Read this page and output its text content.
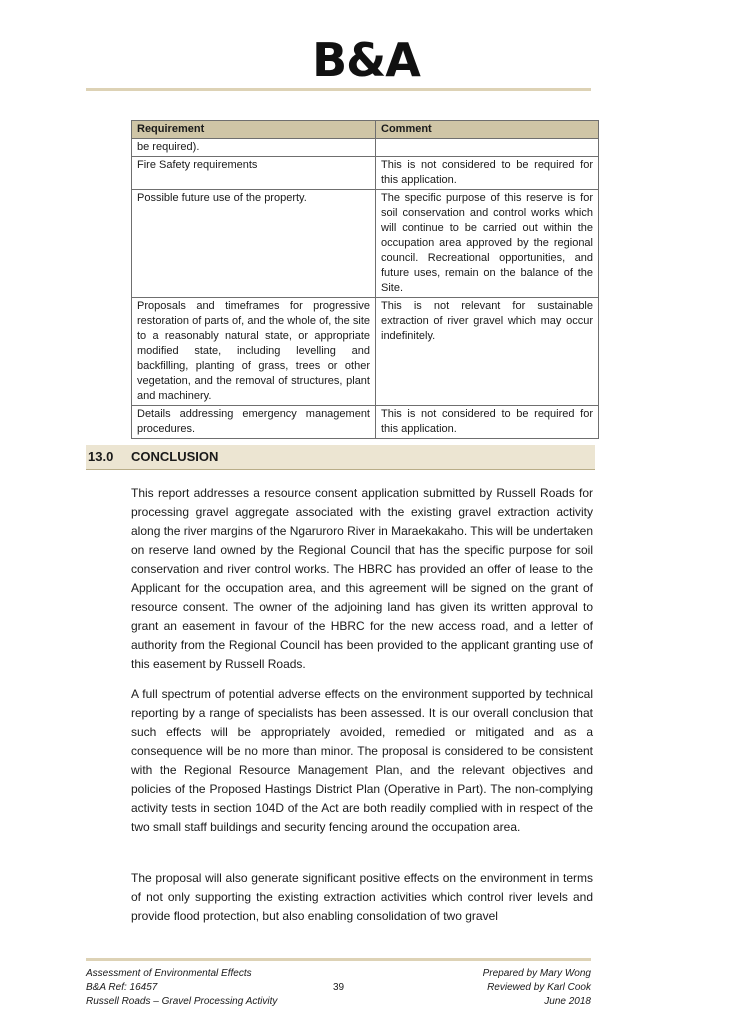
B&A
Requirement	Comment
be required).	
Fire Safety requirements	This is not considered to be required for this application.
Possible future use of the property.	The specific purpose of this reserve is for soil conservation and control works which will continue to be carried out within the occupation area approved by the regional council. Recreational opportunities, and future uses, remain on the balance of the Site.
Proposals and timeframes for progressive restoration of parts of, and the whole of, the site to a reasonably natural state, or appropriate modified state, including levelling and backfilling, planting of grass, trees or other vegetation, and the removal of structures, plant and machinery.	This is not relevant for sustainable extraction of river gravel which may occur indefinitely.
Details addressing emergency management procedures.	This is not considered to be required for this application.
13.0 CONCLUSION

This report addresses a resource consent application submitted by Russell Roads for processing gravel aggregate associated with the existing gravel extraction activity along the river margins of the Ngaruroro River in Maraekakaho. This will be undertaken on reserve land owned by the Regional Council that has the specific purpose for soil conservation and river control works. The HBRC has provided an offer of lease to the Applicant for the occupation area, and this agreement will be signed on the grant of resource consent. The owner of the adjoining land has given its written approval to grant an easement in favour of the HBRC for the new access road, and a letter of authority from the Regional Council has been provided to the applicant granting use of this easement by Russell Roads.

A full spectrum of potential adverse effects on the environment supported by technical reporting by a range of specialists has been assessed. It is our overall conclusion that such effects will be appropriately avoided, remedied or mitigated and as a consequence will be no more than minor. The proposal is considered to be consistent with the Regional Resource Management Plan, and the relevant objectives and policies of the Proposed Hastings District Plan (Operative in Part). The non-complying activity tests in section 104D of the Act are both readily complied with in respect of the two small staff buildings and security fencing around the occupation area.

The proposal will also generate significant positive effects on the environment in terms of not only supporting the existing extraction activities which control river levels and provide flood protection, but also enabling consolidation of two gravel

Assessment of Environmental Effects
B&A Ref: 16457
Russell Roads – Gravel Processing Activity
39
Prepared by Mary Wong
Reviewed by Karl Cook
June 2018
